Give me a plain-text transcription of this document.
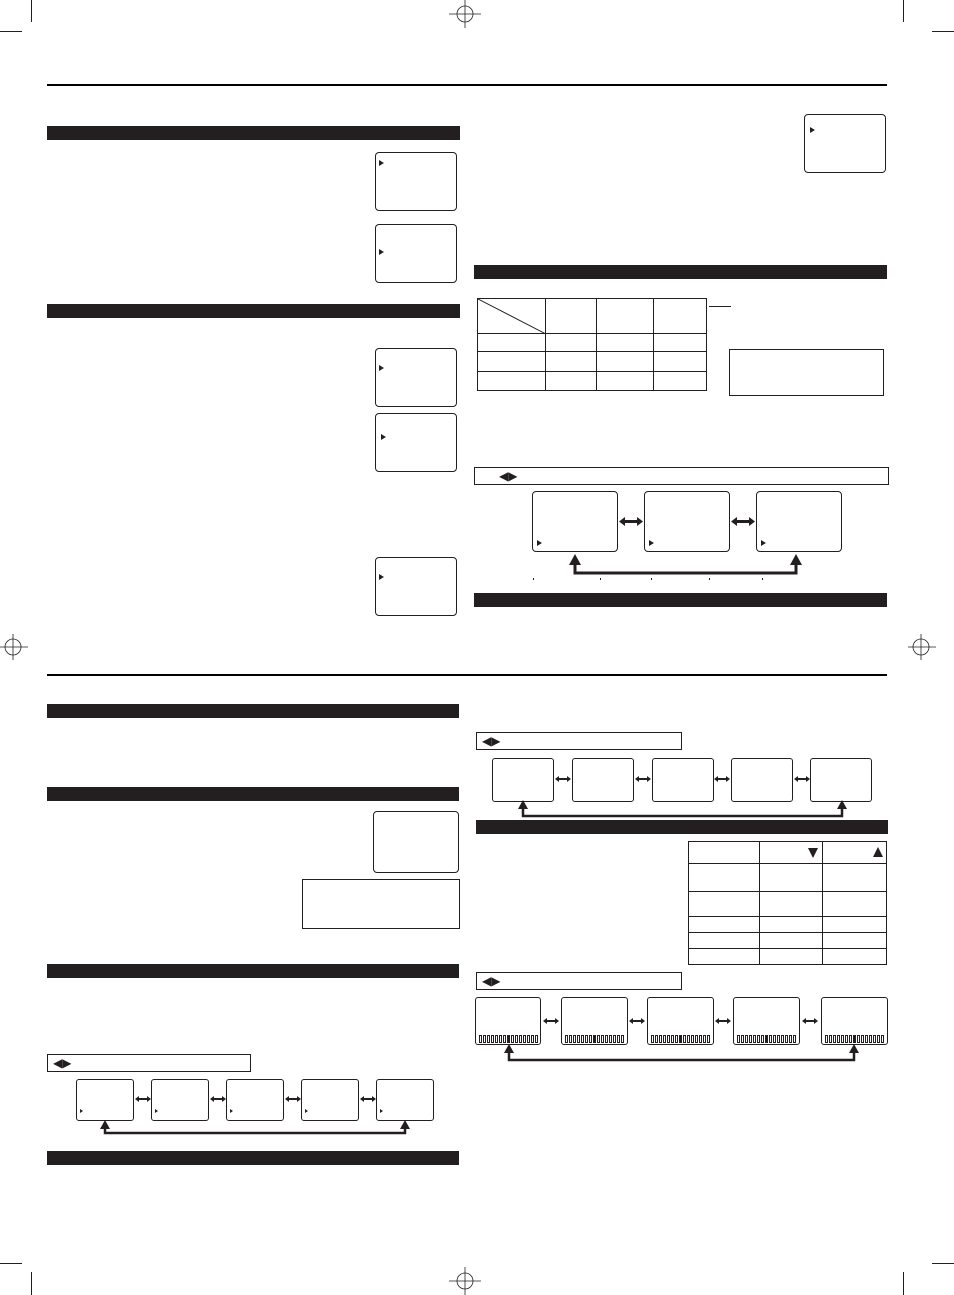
◀▶
◀▶
◀▶

◀▶
